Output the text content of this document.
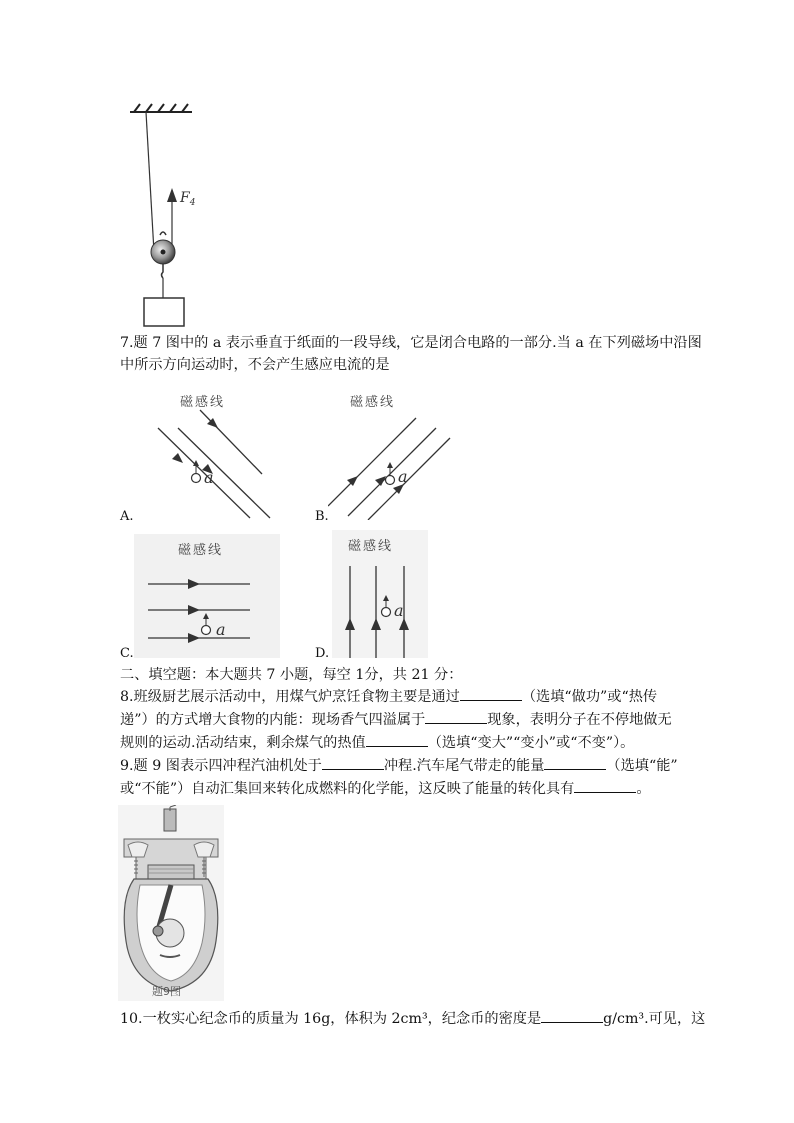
$F_4$
7.题 7 图中的 a 表示垂直于纸面的一段导线，它是闭合电路的一部分.当 a 在下列磁场中沿图
中所示方向运动时，不会产生感应电流的是
磁感线
a
A.
磁感线
a
B.
磁感线
a
C.
磁感线
a
D.
二、填空题：本大题共 7 小题，每空 1分，共 21 分：
8.班级厨艺展示活动中，用煤气炉烹饪食物主要是通过	（选填“做功”或“热传
递”）的方式增大食物的内能：现场香气四溢属于	现象，表明分子在不停地做无
规则的运动.活动结束，剩余煤气的热值	（选填“变大”“变小”或“不变”）。
9.题 9 图表示四冲程汽油机处于	冲程.汽车尾气带走的能量	（选填“能”
或“不能”）自动汇集回来转化成燃料的化学能，这反映了能量的转化具有	。
题9图
10.一枚实心纪念币的质量为 16g，体积为 2cm³，纪念币的密度是	g/cm³.可见，这
